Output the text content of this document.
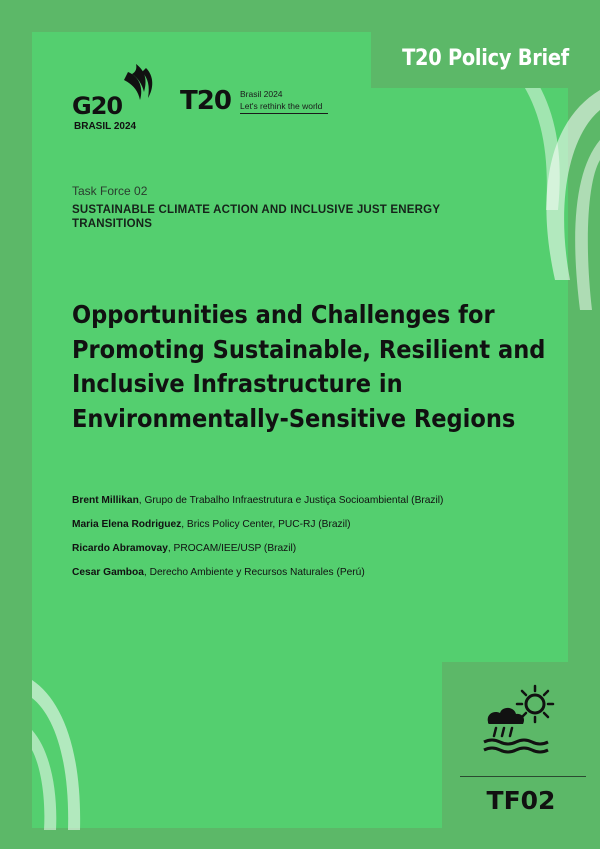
T20 Policy Brief
G20
BRASIL 2024
T20 Brasil 2024
Let's rethink the world
Task Force 02
SUSTAINABLE CLIMATE ACTION AND INCLUSIVE JUST ENERGY TRANSITIONS
Opportunities and Challenges for
Promoting Sustainable, Resilient and
Inclusive Infrastructure in
Environmentally-Sensitive Regions
Brent Millikan, Grupo de Trabalho Infraestrutura e Justiça Socioambiental (Brazil)
Maria Elena Rodriguez, Brics Policy Center, PUC-RJ (Brazil)
Ricardo Abramovay, PROCAM/IEE/USP (Brazil)
Cesar Gamboa, Derecho Ambiente y Recursos Naturales (Perú)
TF02
